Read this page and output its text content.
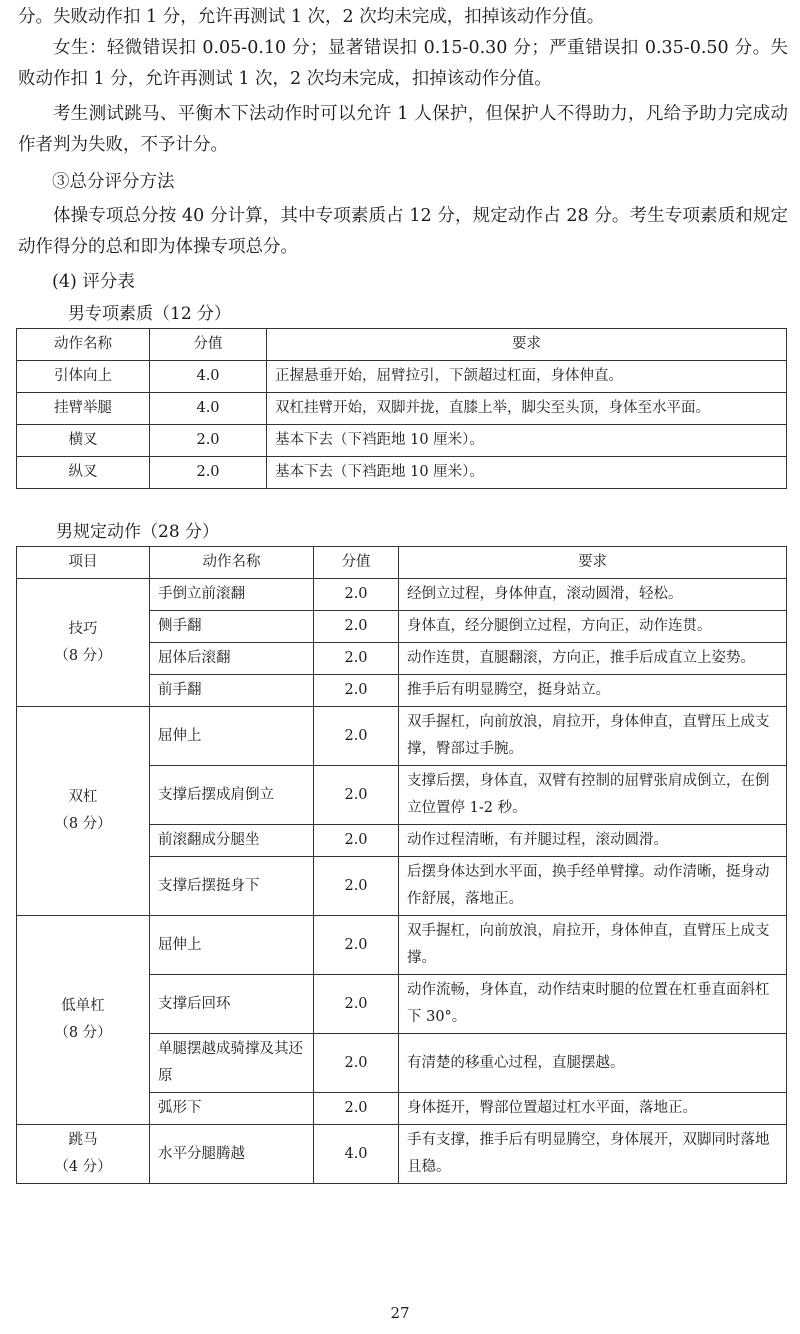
分。失败动作扣 1 分，允许再测试 1 次，2 次均未完成，扣掉该动作分值。

女生：轻微错误扣 0.05-0.10 分；显著错误扣 0.15-0.30 分；严重错误扣 0.35-0.50 分。失败动作扣 1 分，允许再测试 1 次，2 次均未完成，扣掉该动作分值。

考生测试跳马、平衡木下法动作时可以允许 1 人保护，但保护人不得助力，凡给予助力完成动作者判为失败，不予计分。

③总分评分方法

体操专项总分按 40 分计算，其中专项素质占 12 分，规定动作占 28 分。考生专项素质和规定动作得分的总和即为体操专项总分。

(4) 评分表

男专项素质（12 分）

动作名称	分值	要求
引体向上	4.0	正握悬垂开始，屈臂拉引，下颌超过杠面，身体伸直。
挂臂举腿	4.0	双杠挂臂开始，双脚并拢，直膝上举，脚尖至头顶，身体至水平面。
横叉	2.0	基本下去（下裆距地 10 厘米）。
纵叉	2.0	基本下去（下裆距地 10 厘米）。

男规定动作（28 分）

项目	动作名称	分值	要求

技巧
（8 分）	手倒立前滚翻	2.0	经倒立过程，身体伸直，滚动圆滑，轻松。
	侧手翻	2.0	身体直，经分腿倒立过程，方向正，动作连贯。
	屈体后滚翻	2.0	动作连贯，直腿翻滚，方向正，推手后成直立上姿势。
	前手翻	2.0	推手后有明显腾空，挺身站立。

双杠
（8 分）	屈伸上	2.0	双手握杠，向前放浪，肩拉开，身体伸直，直臂压上成支撑，臀部过手腕。
	支撑后摆成肩倒立	2.0	支撑后摆，身体直，双臂有控制的屈臂张肩成倒立，在倒立位置停 1-2 秒。
	前滚翻成分腿坐	2.0	动作过程清晰，有并腿过程，滚动圆滑。
	支撑后摆挺身下	2.0	后摆身体达到水平面，换手经单臂撑。动作清晰，挺身动作舒展，落地正。

低单杠
（8 分）	屈伸上	2.0	双手握杠，向前放浪，肩拉开，身体伸直，直臂压上成支撑。
	支撑后回环	2.0	动作流畅，身体直，动作结束时腿的位置在杠垂直面斜杠下 30°。
	单腿摆越成骑撑及其还原	2.0	有清楚的移重心过程，直腿摆越。
	弧形下	2.0	身体挺开，臀部位置超过杠水平面，落地正。

跳马
（4 分）	水平分腿腾越	4.0	手有支撑，推手后有明显腾空，身体展开，双脚同时落地且稳。
27
